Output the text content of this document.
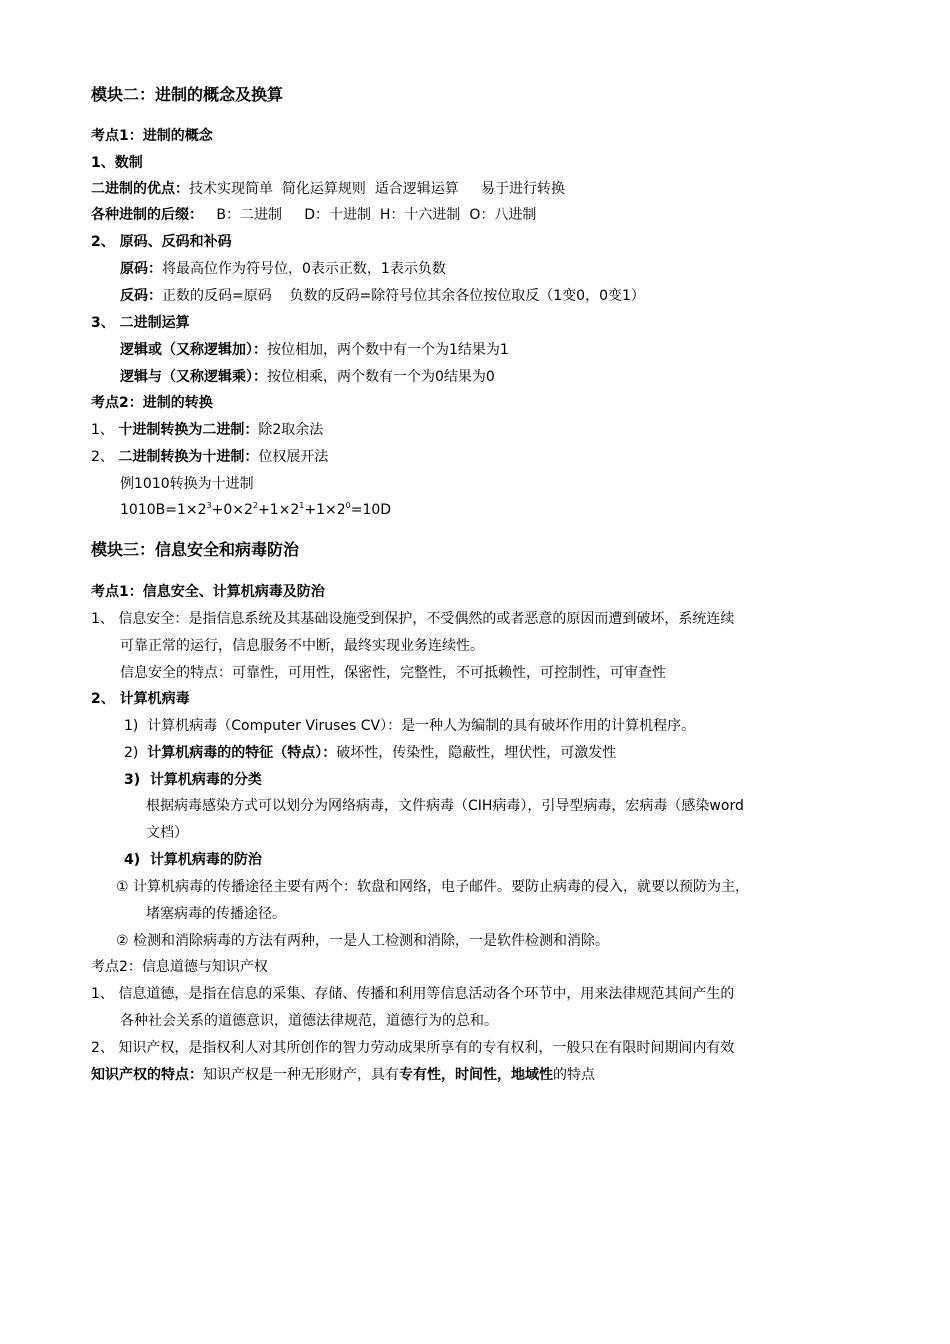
模块二：进制的概念及换算
考点1：进制的概念
1、数制
二进制的优点：技术实现简单  简化运算规则  适合逻辑运算     易于进行转换
各种进制的后缀：   B：二进制     D：十进制  H：十六进制  O：八进制
2、 原码、反码和补码
原码：将最高位作为符号位，0表示正数，1表示负数
反码：正数的反码=原码    负数的反码=除符号位其余各位按位取反（1变0，0变1）
3、 二进制运算
逻辑或（又称逻辑加）：按位相加，两个数中有一个为1结果为1
逻辑与（又称逻辑乘）：按位相乘，两个数有一个为0结果为0
考点2：进制的转换
1、 十进制转换为二进制：除2取余法
2、 二进制转换为十进制：位权展开法
例1010转换为十进制
$1010B=1\times 2^3+0\times 2^2+1\times 2^1+1\times 2^0=10D$
模块三：信息安全和病毒防治
考点1：信息安全、计算机病毒及防治
1、 信息安全：是指信息系统及其基础设施受到保护，不受偶然的或者恶意的原因而遭到破坏，系统连续
可靠正常的运行，信息服务不中断，最终实现业务连续性。
信息安全的特点：可靠性，可用性，保密性，完整性，不可抵赖性，可控制性，可审查性
2、 计算机病毒
1)  计算机病毒（Computer Viruses CV）：是一种人为编制的具有破坏作用的计算机程序。
2)  计算机病毒的的特征（特点）：破坏性，传染性，隐蔽性，埋伏性，可激发性
3)  计算机病毒的分类
根据病毒感染方式可以划分为网络病毒，文件病毒（CIH病毒），引导型病毒，宏病毒（感染word
文档）
4)  计算机病毒的防治
① 计算机病毒的传播途径主要有两个：软盘和网络，电子邮件。要防止病毒的侵入，就要以预防为主，
堵塞病毒的传播途径。
② 检测和消除病毒的方法有两种，一是人工检测和消除，一是软件检测和消除。
考点2：信息道德与知识产权
1、 信息道德，是指在信息的采集、存储、传播和利用等信息活动各个环节中，用来法律规范其间产生的
各种社会关系的道德意识，道德法律规范，道德行为的总和。
2、 知识产权，是指权利人对其所创作的智力劳动成果所享有的专有权利，一般只在有限时间期间内有效
知识产权的特点：知识产权是一种无形财产，具有专有性，时间性，地域性的特点
